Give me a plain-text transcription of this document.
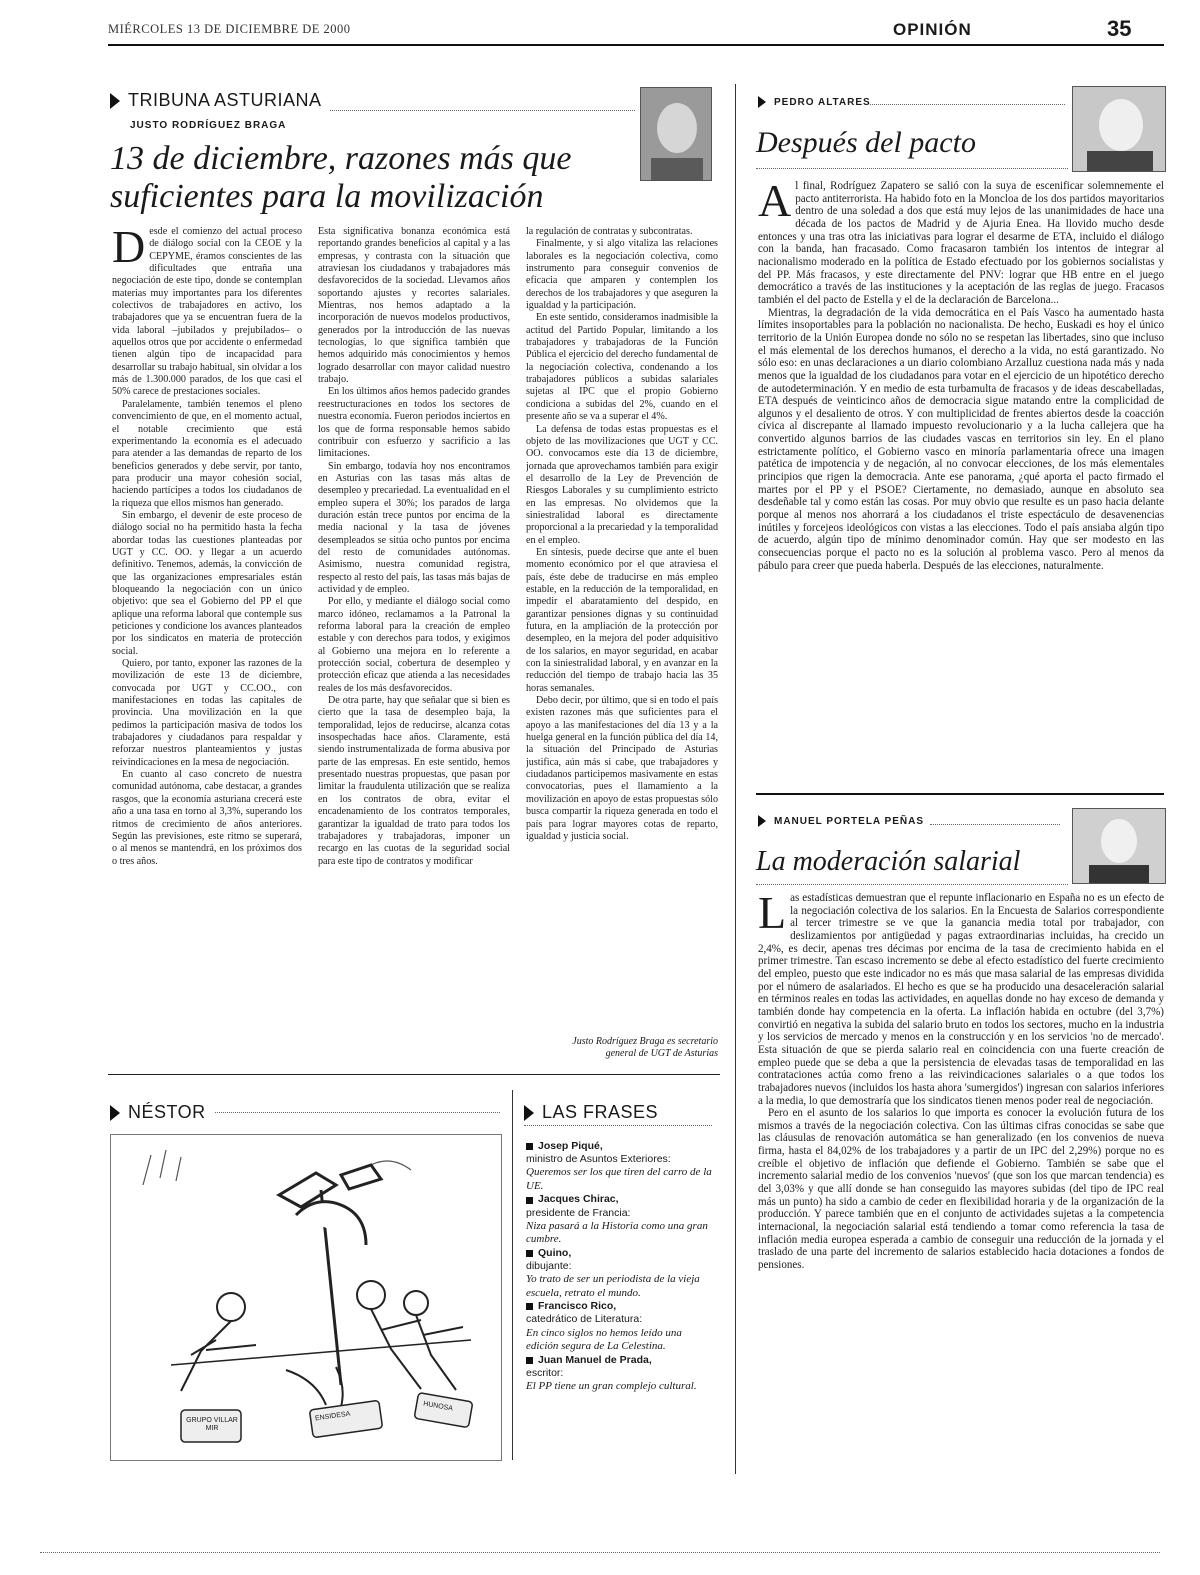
MIÉRCOLES 13 DE DICIEMBRE DE 2000	OPINIÓN	35
TRIBUNA ASTURIANA
JUSTO RODRÍGUEZ BRAGA
13 de diciembre, razones más que suficientes para la movilización
D esde el comienzo del actual proceso de diálogo social con la CEOE y la CEPYME, éramos conscientes de las dificultades que entraña una negociación de este tipo, donde se contemplan materias muy importantes para los diferentes colectivos de trabajadores en activo, los trabajadores que ya se encuentran fuera de la vida laboral –jubilados y prejubilados– o aquellos otros que por accidente o enfermedad tienen algún tipo de incapacidad para desarrollar su trabajo habitual, sin olvidar a los más de 1.300.000 parados, de los que casi el 50% carece de prestaciones sociales.

Paralelamente, también tenemos el pleno convencimiento de que, en el momento actual, el notable crecimiento que está experimentando la economía es el adecuado para atender a las demandas de reparto de los beneficios generados y debe servir, por tanto, para producir una mayor cohesión social, haciendo partícipes a todos los ciudadanos de la riqueza que ellos mismos han generado.

Sin embargo, el devenir de este proceso de diálogo social no ha permitido hasta la fecha abordar todas las cuestiones planteadas por UGT y CC. OO. y llegar a un acuerdo definitivo. Tenemos, además, la convicción de que las organizaciones empresariales están bloqueando la negociación con un único objetivo: que sea el Gobierno del PP el que aplique una reforma laboral que contemple sus peticiones y condicione los avances planteados por los sindicatos en materia de protección social.

Quiero, por tanto, exponer las razones de la movilización de este 13 de diciembre, convocada por UGT y CC.OO., con manifestaciones en todas las capitales de provincia. Una movilización en la que pedimos la participación masiva de todos los trabajadores y ciudadanos para respaldar y reforzar nuestros planteamientos y justas reivindicaciones en la mesa de negociación.

En cuanto al caso concreto de nuestra comunidad autónoma, cabe destacar, a grandes rasgos, que la economía asturiana crecerá este año a una tasa en torno al 3,3%, superando los ritmos de crecimiento de años anteriores. Según las previsiones, este ritmo se superará, o al menos se mantendrá, en los próximos dos o tres años.

Esta significativa bonanza económica está reportando grandes beneficios al capital y a las empresas, y contrasta con la situación que atraviesan los ciudadanos y trabajadores más desfavorecidos de la sociedad. Llevamos años soportando ajustes y recortes salariales. Mientras, nos hemos adaptado a la incorporación de nuevos modelos productivos, generados por la introducción de las nuevas tecnologías, lo que significa también que hemos adquirido más conocimientos y hemos logrado desarrollar con mayor calidad nuestro trabajo.

En los últimos años hemos padecido grandes reestructuraciones en todos los sectores de nuestra economía. Fueron periodos inciertos en los que de forma responsable hemos sabido contribuir con esfuerzo y sacrificio a las limitaciones.

Sin embargo, todavía hoy nos encontramos en Asturias con las tasas más altas de desempleo y precariedad. La eventualidad en el empleo supera el 30%; los parados de larga duración están trece puntos por encima de la media nacional y la tasa de jóvenes desempleados se sitúa ocho puntos por encima del resto de comunidades autónomas. Asimismo, nuestra comunidad registra, respecto al resto del país, las tasas más bajas de actividad y de empleo.

Por ello, y mediante el diálogo social como marco idóneo, reclamamos a la Patronal la reforma laboral para la creación de empleo estable y con derechos para todos, y exigimos al Gobierno una mejora en lo referente a protección social, cobertura de desempleo y protección eficaz que atienda a las necesidades reales de los más desfavorecidos.

De otra parte, hay que señalar que si bien es cierto que la tasa de desempleo baja, la temporalidad, lejos de reducirse, alcanza cotas insospechadas hace años. Claramente, está siendo instrumentalizada de forma abusiva por parte de las empresas. En este sentido, hemos presentado nuestras propuestas, que pasan por limitar la fraudulenta utilización que se realiza en los contratos de obra, evitar el encadenamiento de los contratos temporales, garantizar la igualdad de trato para todos los trabajadores y trabajadoras, imponer un recargo en las cuotas de la seguridad social para este tipo de contratos y modificar

la regulación de contratas y subcontratas.

Finalmente, y si algo vitaliza las relaciones laborales es la negociación colectiva, como instrumento para conseguir convenios de eficacia que amparen y contemplen los derechos de los trabajadores y que aseguren la igualdad y la participación.

En este sentido, consideramos inadmisible la actitud del Partido Popular, limitando a los trabajadores y trabajadoras de la Función Pública el ejercicio del derecho fundamental de la negociación colectiva, condenando a los trabajadores públicos a subidas salariales sujetas al IPC que el propio Gobierno condiciona a subidas del 2%, cuando en el presente año se va a superar el 4%.

La defensa de todas estas propuestas es el objeto de las movilizaciones que UGT y CC. OO. convocamos este día 13 de diciembre, jornada que aprovechamos también para exigir el desarrollo de la Ley de Prevención de Riesgos Laborales y su cumplimiento estricto en las empresas. No olvidemos que la siniestralidad laboral es directamente proporcional a la precariedad y la temporalidad en el empleo.

En síntesis, puede decirse que ante el buen momento económico por el que atraviesa el país, éste debe de traducirse en más empleo estable, en la reducción de la temporalidad, en impedir el abaratamiento del despido, en garantizar pensiones dignas y su continuidad futura, en la ampliación de la protección por desempleo, en la mejora del poder adquisitivo de los salarios, en mayor seguridad, en acabar con la siniestralidad laboral, y en avanzar en la reducción del tiempo de trabajo hacia las 35 horas semanales.

Debo decir, por último, que si en todo el país existen razones más que suficientes para el apoyo a las manifestaciones del día 13 y a la huelga general en la función pública del día 14, la situación del Principado de Asturias justifica, aún más si cabe, que trabajadores y ciudadanos participemos masivamente en estas convocatorias, pues el llamamiento a la movilización en apoyo de estas propuestas sólo busca compartir la riqueza generada en todo el país para lograr mayores cotas de reparto, igualdad y justicia social.

Justo Rodríguez Braga es secretario
general de UGT de Asturias
PEDRO ALTARES
Después del pacto
A l final, Rodríguez Zapatero se salió con la suya de escenificar solemnemente el pacto antiterrorista. Ha habido foto en la Moncloa de los dos partidos mayoritarios dentro de una soledad a dos que está muy lejos de las unanimidades de hace una década de los pactos de Madrid y de Ajuria Enea. Ha llovido mucho desde entonces y una tras otra las iniciativas para lograr el desarme de ETA, incluido el diálogo con la banda, han fracasado. Como fracasaron también los intentos de integrar al nacionalismo moderado en la política de Estado efectuado por los gobiernos socialistas y del PP. Más fracasos, y este directamente del PNV: lograr que HB entre en el juego democrático a través de las instituciones y la aceptación de las reglas de juego. Fracasos también el del pacto de Estella y el de la declaración de Barcelona...

Mientras, la degradación de la vida democrática en el País Vasco ha aumentado hasta límites insoportables para la población no nacionalista. De hecho, Euskadi es hoy el único territorio de la Unión Europea donde no sólo no se respetan las libertades, sino que incluso el más elemental de los derechos humanos, el derecho a la vida, no está garantizado. No sólo eso: en unas declaraciones a un diario colombiano Arzalluz cuestiona nada más y nada menos que la igualdad de los ciudadanos para votar en el ejercicio de un hipotético derecho de autodeterminación. Y en medio de esta turbamulta de fracasos y de ideas descabelladas, ETA después de veinticinco años de democracia sigue matando entre la complicidad de algunos y el desaliento de otros. Y con multiplicidad de frentes abiertos desde la coacción cívica al discrepante al llamado impuesto revolucionario y a la lucha callejera que ha convertido algunos barrios de las ciudades vascas en territorios sin ley. En el plano estrictamente político, el Gobierno vasco en minoría parlamentaria ofrece una imagen patética de impotencia y de negación, al no convocar elecciones, de los más elementales principios que rigen la democracia. Ante ese panorama, ¿qué aporta el pacto firmado el martes por el PP y el PSOE? Ciertamente, no demasiado, aunque en absoluto sea desdeñable tal y como están las cosas. Por muy obvio que resulte es un paso hacia delante porque al menos nos ahorrará a los ciudadanos el triste espectáculo de desavenencias inútiles y forcejeos ideológicos con vistas a las elecciones. Todo el país ansiaba algún tipo de acuerdo, algún tipo de mínimo denominador común. Hay que ser modesto en las consecuencias porque el pacto no es la solución al problema vasco. Pero al menos da pábulo para creer que pueda haberla. Después de las elecciones, naturalmente.

MANUEL PORTELA PEÑAS
La moderación salarial
L as estadísticas demuestran que el repunte inflacionario en España no es un efecto de la negociación colectiva de los salarios. En la Encuesta de Salarios correspondiente al tercer trimestre se ve que la ganancia media total por trabajador, con deslizamientos por antigüedad y pagas extraordinarias incluidas, ha crecido un 2,4%, es decir, apenas tres décimas por encima de la tasa de crecimiento habida en el primer trimestre. Tan escaso incremento se debe al efecto estadístico del fuerte crecimiento del empleo, puesto que este indicador no es más que masa salarial de las empresas dividida por el número de asalariados. El hecho es que se ha producido una desaceleración salarial en términos reales en todas las actividades, en aquellas donde no hay exceso de demanda y también donde hay competencia en la oferta. La inflación habida en octubre (del 3,7%) convirtió en negativa la subida del salario bruto en todos los sectores, mucho en la industria y los servicios de mercado y menos en la construcción y en los servicios 'no de mercado'. Esta situación de que se pierda salario real en coincidencia con una fuerte creación de empleo puede que se deba a que la persistencia de elevadas tasas de temporalidad en las contrataciones actúa como freno a las reivindicaciones salariales o a que todos los trabajadores nuevos (incluidos los hasta ahora 'sumergidos') ingresan con salarios inferiores a la media, lo que demostraría que los sindicatos tienen menos poder real de negociación.

Pero en el asunto de los salarios lo que importa es conocer la evolución futura de los mismos a través de la negociación colectiva. Con las últimas cifras conocidas se sabe que las cláusulas de renovación automática se han generalizado (en los convenios de nueva firma, hasta el 84,02% de los trabajadores y a partir de un IPC del 2,29%) porque no es creíble el objetivo de inflación que defiende el Gobierno. También se sabe que el incremento salarial medio de los convenios 'nuevos' (que son los que marcan tendencia) es del 3,03% y que allí donde se han conseguido las mayores subidas (del tipo de IPC real más un punto) ha sido a cambio de ceder en flexibilidad horaria y de la organización de la producción. Y parece también que en el conjunto de actividades sujetas a la competencia internacional, la negociación salarial está tendiendo a tomar como referencia la tasa de inflación media europea esperada a cambio de conseguir una reducción de la jornada y el traslado de una parte del incremento de salarios establecido hacia dotaciones a fondos de pensiones.

NÉSTOR
GRUPO VILLAR MIR
ENSIDESA
HUNOSA
LAS FRASES
Josep Piqué,
ministro de Asuntos Exteriores:
Queremos ser los que tiren del carro de la UE.
Jacques Chirac,
presidente de Francia:
Niza pasará a la Historia como una gran cumbre.
Quino,
dibujante:
Yo trato de ser un periodista de la vieja escuela, retrato el mundo.
Francisco Rico,
catedrático de Literatura:
En cinco siglos no hemos leído una edición segura de La Celestina.
Juan Manuel de Prada,
escritor:
El PP tiene un gran complejo cultural.
